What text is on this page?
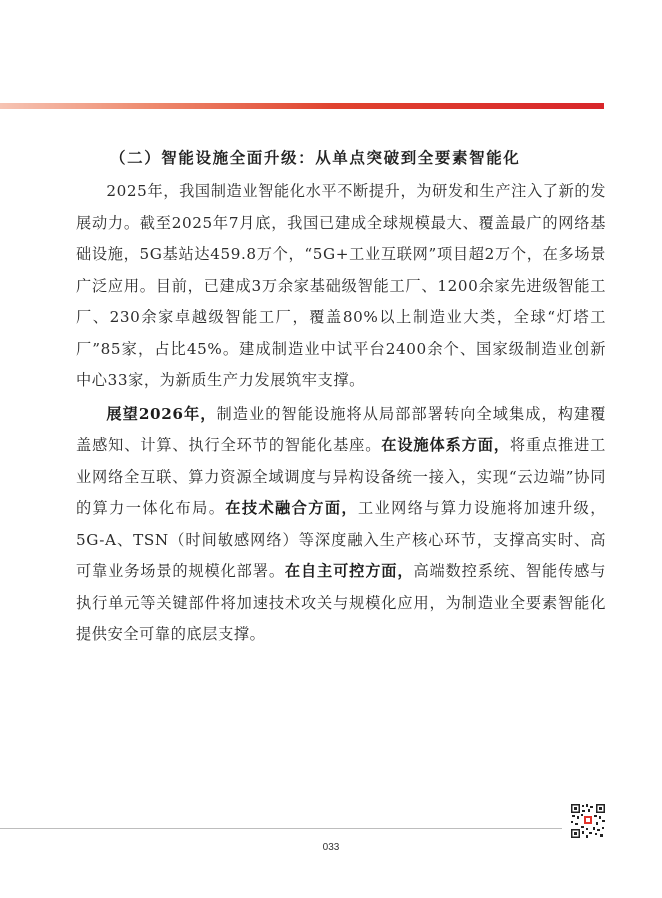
（二）智能设施全面升级：从单点突破到全要素智能化

2025年，我国制造业智能化水平不断提升，为研发和生产注入了新的发展动力。截至2025年7月底，我国已建成全球规模最大、覆盖最广的网络基础设施，5G基站达459.8万个，“5G+工业互联网”项目超2万个，在多场景广泛应用。目前，已建成3万余家基础级智能工厂、1200余家先进级智能工厂、230余家卓越级智能工厂，覆盖80%以上制造业大类，全球“灯塔工厂”85家，占比45%。建成制造业中试平台2400余个、国家级制造业创新中心33家，为新质生产力发展筑牢支撑。

展望2026年，制造业的智能设施将从局部部署转向全域集成，构建覆盖感知、计算、执行全环节的智能化基座。在设施体系方面，将重点推进工业网络全互联、算力资源全域调度与异构设备统一接入，实现“云边端”协同的算力一体化布局。在技术融合方面，工业网络与算力设施将加速升级，5G-A、TSN（时间敏感网络）等深度融入生产核心环节，支撑高实时、高可靠业务场景的规模化部署。在自主可控方面，高端数控系统、智能传感与执行单元等关键部件将加速技术攻关与规模化应用，为制造业全要素智能化提供安全可靠的底层支撑。

033
